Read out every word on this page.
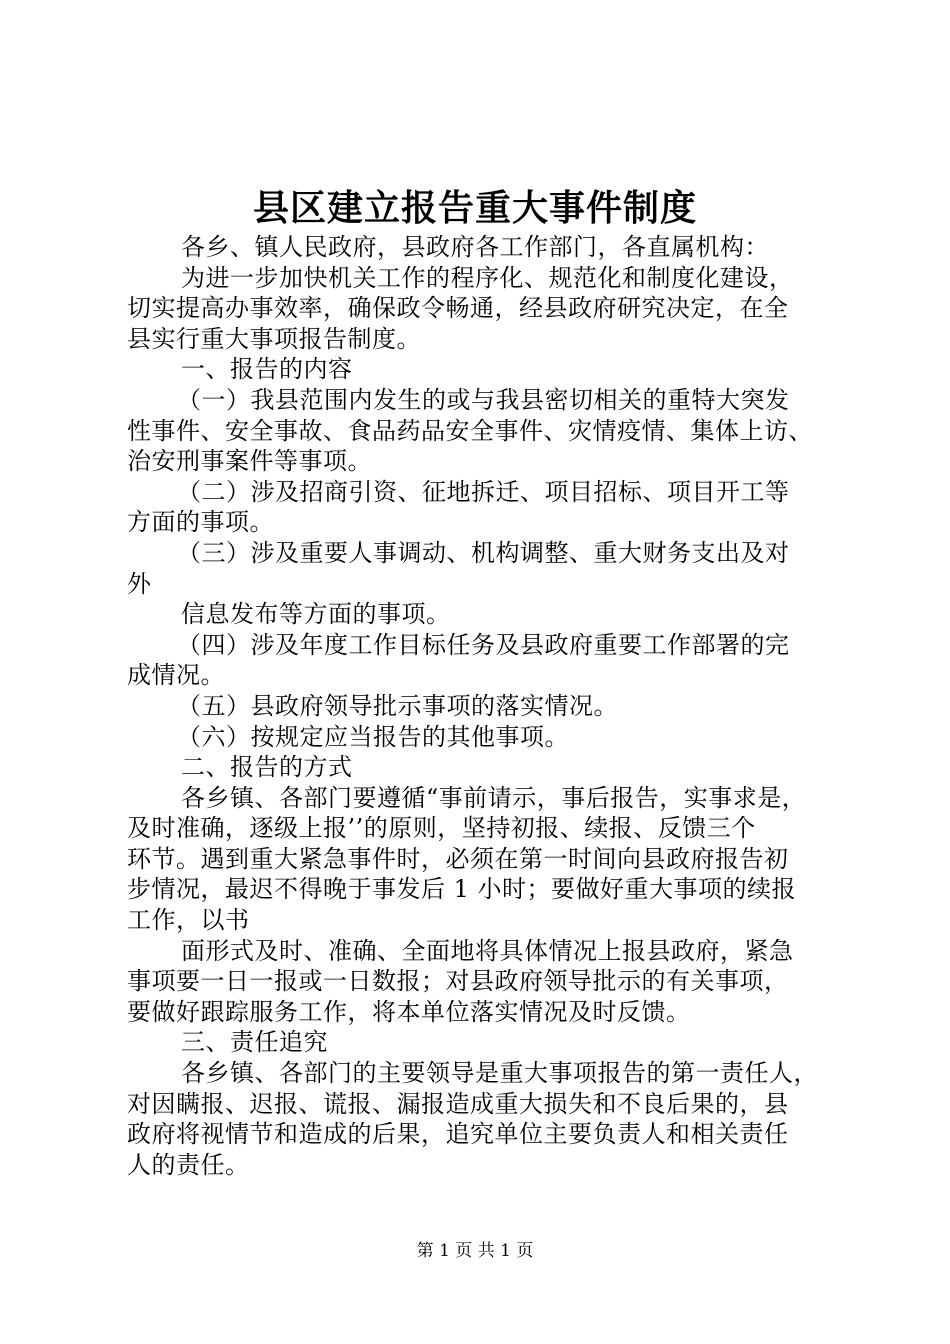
县区建立报告重大事件制度
各乡、镇人民政府，县政府各工作部门，各直属机构：
为进一步加快机关工作的程序化、规范化和制度化建设，
切实提高办事效率，确保政令畅通，经县政府研究决定，在全
县实行重大事项报告制度。
一、报告的内容
（一）我县范围内发生的或与我县密切相关的重特大突发
性事件、安全事故、食品药品安全事件、灾情疫情、集体上访、
治安刑事案件等事项。
（二）涉及招商引资、征地拆迁、项目招标、项目开工等
方面的事项。
（三）涉及重要人事调动、机构调整、重大财务支出及对
外
信息发布等方面的事项。
（四）涉及年度工作目标任务及县政府重要工作部署的完
成情况。
（五）县政府领导批示事项的落实情况。
（六）按规定应当报告的其他事项。
二、报告的方式
各乡镇、各部门要遵循“事前请示，事后报告，实事求是，
及时准确，逐级上报’’的原则，坚持初报、续报、反馈三个
环节。遇到重大紧急事件时，必须在第一时间向县政府报告初
步情况，最迟不得晚于事发后 1 小时；要做好重大事项的续报
工作，以书
面形式及时、准确、全面地将具体情况上报县政府，紧急
事项要一日一报或一日数报；对县政府领导批示的有关事项，
要做好跟踪服务工作，将本单位落实情况及时反馈。
三、责任追究
各乡镇、各部门的主要领导是重大事项报告的第一责任人，
对因瞒报、迟报、谎报、漏报造成重大损失和不良后果的，县
政府将视情节和造成的后果，追究单位主要负责人和相关责任
人的责任。
第 1 页 共 1 页
